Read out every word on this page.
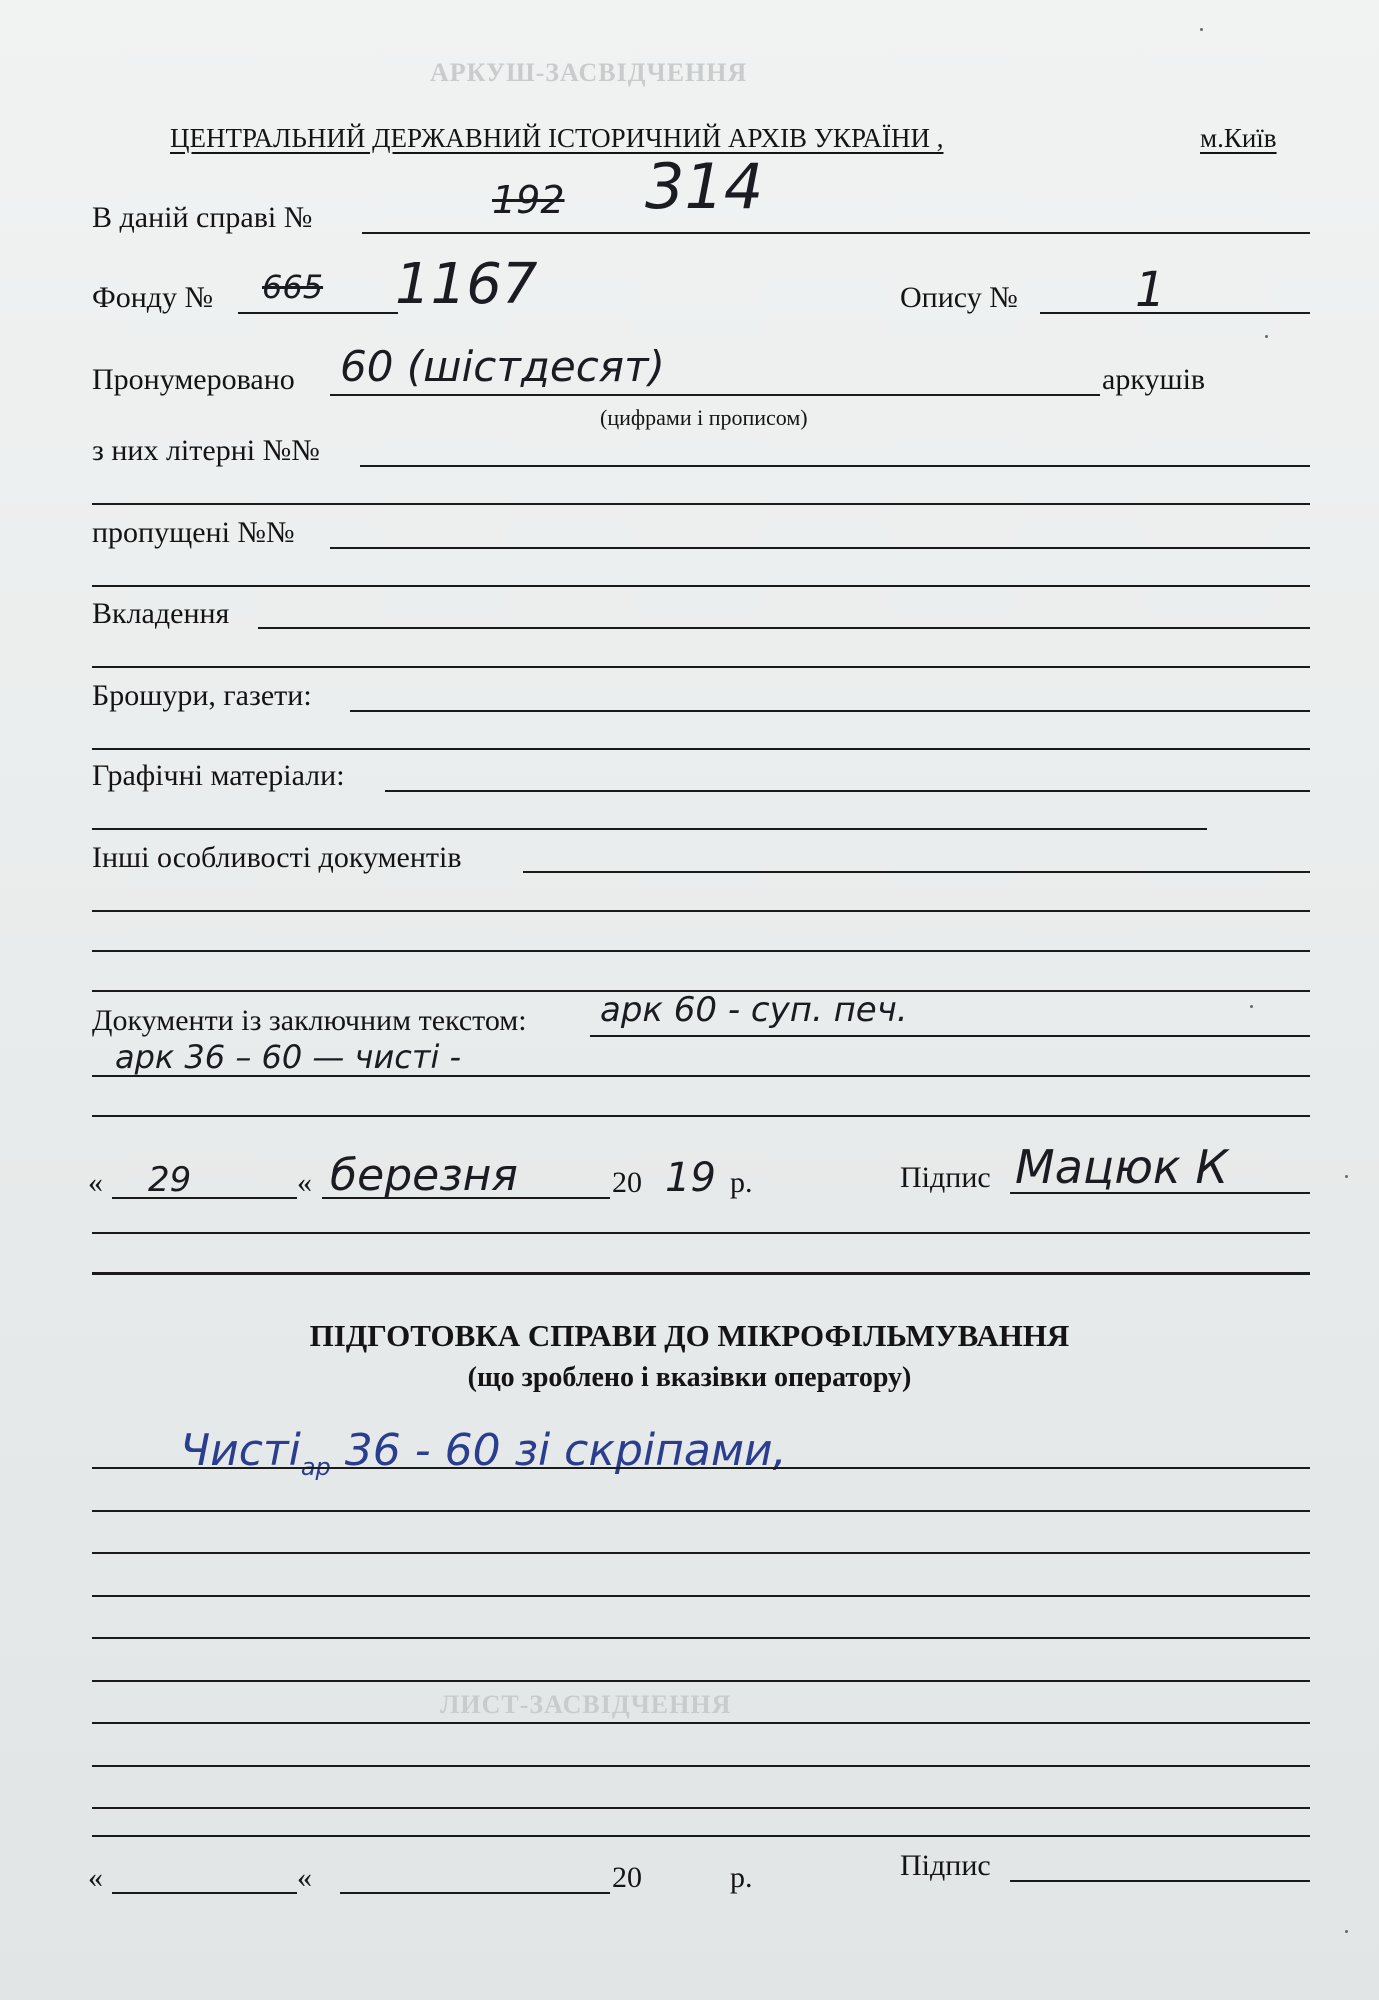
АРКУШ-ЗАСВІДЧЕННЯ
ЛИСТ-ЗАСВІДЧЕННЯ
ЦЕНТРАЛЬНИЙ ДЕРЖАВНИЙ ІСТОРИЧНИЙ АРХІВ УКРАЇНИ ,	м.Київ
В даній справі №	192 314
Фонду № 665 1167	Опису № 1
Пронумеровано 60 (шістдесят)	аркушів
(цифрами і прописом)
з них літерні №№
пропущені №№
Вкладення
Брошури, газети:
Графічні матеріали:
Інші особливості документів
Документи із заключним текстом: арк 60 - суп. печ.
арк 36 – 60 — чисті -
« 29	« березня	20 19 р.	Підпис Мацюк К
ПІДГОТОВКА СПРАВИ ДО МІКРОФІЛЬМУВАННЯ
(що зроблено і вказівки оператору)
Чисті$_{ар}$ 36 - 60 зі скріпами,
«	«	20	р.	Підпис
